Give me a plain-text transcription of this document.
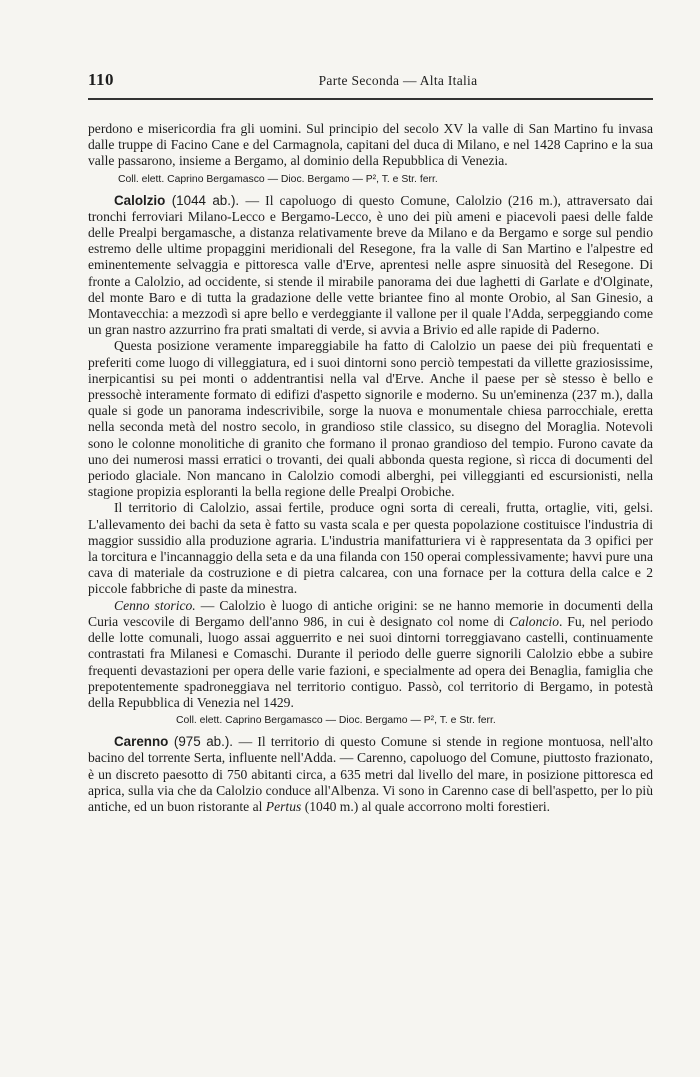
110	Parte Seconda — Alta Italia

perdono e misericordia fra gli uomini. Sul principio del secolo XV la valle di San Martino fu invasa dalle truppe di Facino Cane e del Carmagnola, capitani del duca di Milano, e nel 1428 Caprino e la sua valle passarono, insieme a Bergamo, al dominio della Repubblica di Venezia.

Coll. elett. Caprino Bergamasco — Dioc. Bergamo — P², T. e Str. ferr.

Calolzio (1044 ab.). — Il capoluogo di questo Comune, Calolzio (216 m.), attraversato dai tronchi ferroviari Milano-Lecco e Bergamo-Lecco, è uno dei più ameni e piacevoli paesi delle falde delle Prealpi bergamasche, a distanza relativamente breve da Milano e da Bergamo e sorge sul pendio estremo delle ultime propaggini meridionali del Resegone, fra la valle di San Martino e l'alpestre ed eminentemente selvaggia e pittoresca valle d'Erve, aprentesi nelle aspre sinuosità del Resegone. Di fronte a Calolzio, ad occidente, si stende il mirabile panorama dei due laghetti di Garlate e d'Olginate, del monte Baro e di tutta la gradazione delle vette briantee fino al monte Orobio, al San Ginesio, a Montavecchia: a mezzodì si apre bello e verdeggiante il vallone per il quale l'Adda, serpeggiando come un gran nastro azzurrino fra prati smaltati di verde, si avvia a Brivio ed alle rapide di Paderno.

Questa posizione veramente impareggiabile ha fatto di Calolzio un paese dei più frequentati e preferiti come luogo di villeggiatura, ed i suoi dintorni sono perciò tempestati da villette graziosissime, inerpicantisi su pei monti o addentrantisi nella val d'Erve. Anche il paese per sè stesso è bello e pressochè interamente formato di edifizi d'aspetto signorile e moderno. Su un'eminenza (237 m.), dalla quale si gode un panorama indescrivibile, sorge la nuova e monumentale chiesa parrocchiale, eretta nella seconda metà del nostro secolo, in grandioso stile classico, su disegno del Moraglia. Notevoli sono le colonne monolitiche di granito che formano il pronao grandioso del tempio. Furono cavate da uno dei numerosi massi erratici o trovanti, dei quali abbonda questa regione, sì ricca di documenti del periodo glaciale. Non mancano in Calolzio comodi alberghi, pei villeggianti ed escursionisti, nella stagione propizia esploranti la bella regione delle Prealpi Orobiche.

Il territorio di Calolzio, assai fertile, produce ogni sorta di cereali, frutta, ortaglie, viti, gelsi. L'allevamento dei bachi da seta è fatto su vasta scala e per questa popolazione costituisce l'industria di maggior sussidio alla produzione agraria. L'industria manifatturiera vi è rappresentata da 3 opifici per la torcitura e l'incannaggio della seta e da una filanda con 150 operai complessivamente; havvi pure una cava di materiale da costruzione e di pietra calcarea, con una fornace per la cottura della calce e 2 piccole fabbriche di paste da minestra.

Cenno storico. — Calolzio è luogo di antiche origini: se ne hanno memorie in documenti della Curia vescovile di Bergamo dell'anno 986, in cui è designato col nome di Caloncio. Fu, nel periodo delle lotte comunali, luogo assai agguerrito e nei suoi dintorni torreggiavano castelli, continuamente contrastati fra Milanesi e Comaschi. Durante il periodo delle guerre signorili Calolzio ebbe a subire frequenti devastazioni per opera delle varie fazioni, e specialmente ad opera dei Benaglia, famiglia che prepotentemente spadroneggiava nel territorio contiguo. Passò, col territorio di Bergamo, in potestà della Repubblica di Venezia nel 1429.

Coll. elett. Caprino Bergamasco — Dioc. Bergamo — P², T. e Str. ferr.

Carenno (975 ab.). — Il territorio di questo Comune si stende in regione montuosa, nell'alto bacino del torrente Serta, influente nell'Adda. — Carenno, capoluogo del Comune, piuttosto frazionato, è un discreto paesotto di 750 abitanti circa, a 635 metri dal livello del mare, in posizione pittoresca ed aprica, sulla via che da Calolzio conduce all'Albenza. Vi sono in Carenno case di bell'aspetto, per lo più antiche, ed un buon ristorante al Pertus (1040 m.) al quale accorrono molti forestieri.
